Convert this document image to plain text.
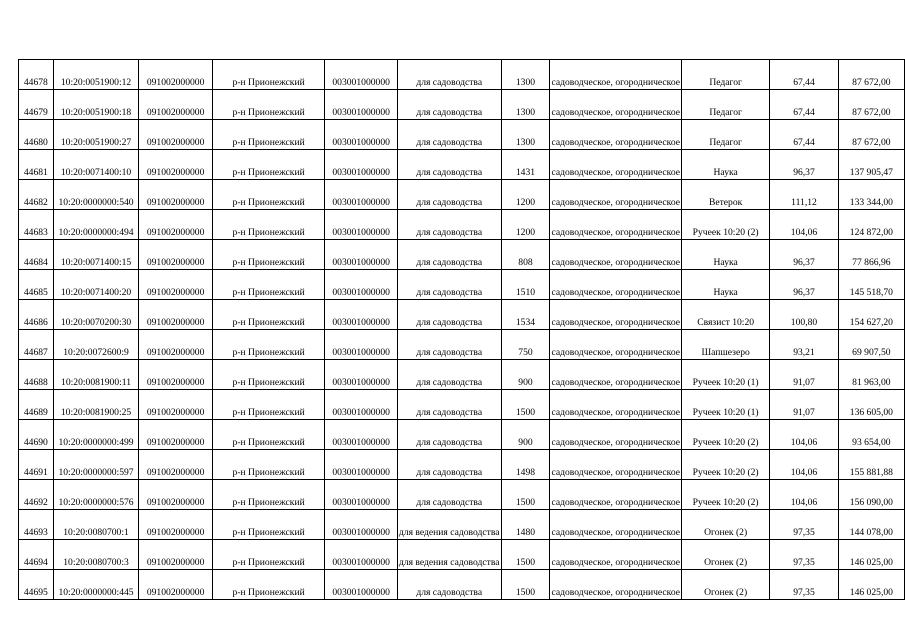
44678	10:20:0051900:12	091002000000	р-н Прионежский	003001000000	для садоводства	1300	садоводческое, огородническое	Педагог	67,44	87 672,00
44679	10:20:0051900:18	091002000000	р-н Прионежский	003001000000	для садоводства	1300	садоводческое, огородническое	Педагог	67,44	87 672,00
44680	10:20:0051900:27	091002000000	р-н Прионежский	003001000000	для садоводства	1300	садоводческое, огородническое	Педагог	67,44	87 672,00
44681	10:20:0071400:10	091002000000	р-н Прионежский	003001000000	для садоводства	1431	садоводческое, огородническое	Наука	96,37	137 905,47
44682	10:20:0000000:540	091002000000	р-н Прионежский	003001000000	для садоводства	1200	садоводческое, огородническое	Ветерок	111,12	133 344,00
44683	10:20:0000000:494	091002000000	р-н Прионежский	003001000000	для садоводства	1200	садоводческое, огородническое	Ручеек 10:20 (2)	104,06	124 872,00
44684	10:20:0071400:15	091002000000	р-н Прионежский	003001000000	для садоводства	808	садоводческое, огородническое	Наука	96,37	77 866,96
44685	10:20:0071400:20	091002000000	р-н Прионежский	003001000000	для садоводства	1510	садоводческое, огородническое	Наука	96,37	145 518,70
44686	10:20:0070200:30	091002000000	р-н Прионежский	003001000000	для садоводства	1534	садоводческое, огородническое	Связист 10:20	100,80	154 627,20
44687	10:20:0072600:9	091002000000	р-н Прионежский	003001000000	для садоводства	750	садоводческое, огородническое	Шапшезеро	93,21	69 907,50
44688	10:20:0081900:11	091002000000	р-н Прионежский	003001000000	для садоводства	900	садоводческое, огородническое	Ручеек 10:20 (1)	91,07	81 963,00
44689	10:20:0081900:25	091002000000	р-н Прионежский	003001000000	для садоводства	1500	садоводческое, огородническое	Ручеек 10:20 (1)	91,07	136 605,00
44690	10:20:0000000:499	091002000000	р-н Прионежский	003001000000	для садоводства	900	садоводческое, огородническое	Ручеек 10:20 (2)	104,06	93 654,00
44691	10:20:0000000:597	091002000000	р-н Прионежский	003001000000	для садоводства	1498	садоводческое, огородническое	Ручеек 10:20 (2)	104,06	155 881,88
44692	10:20:0000000:576	091002000000	р-н Прионежский	003001000000	для садоводства	1500	садоводческое, огородническое	Ручеек 10:20 (2)	104,06	156 090,00
44693	10:20:0080700:1	091002000000	р-н Прионежский	003001000000	для ведения садоводства	1480	садоводческое, огородническое	Огонек (2)	97,35	144 078,00
44694	10:20:0080700:3	091002000000	р-н Прионежский	003001000000	для ведения садоводства	1500	садоводческое, огородническое	Огонек (2)	97,35	146 025,00
44695	10:20:0000000:445	091002000000	р-н Прионежский	003001000000	для садоводства	1500	садоводческое, огородническое	Огонек (2)	97,35	146 025,00
